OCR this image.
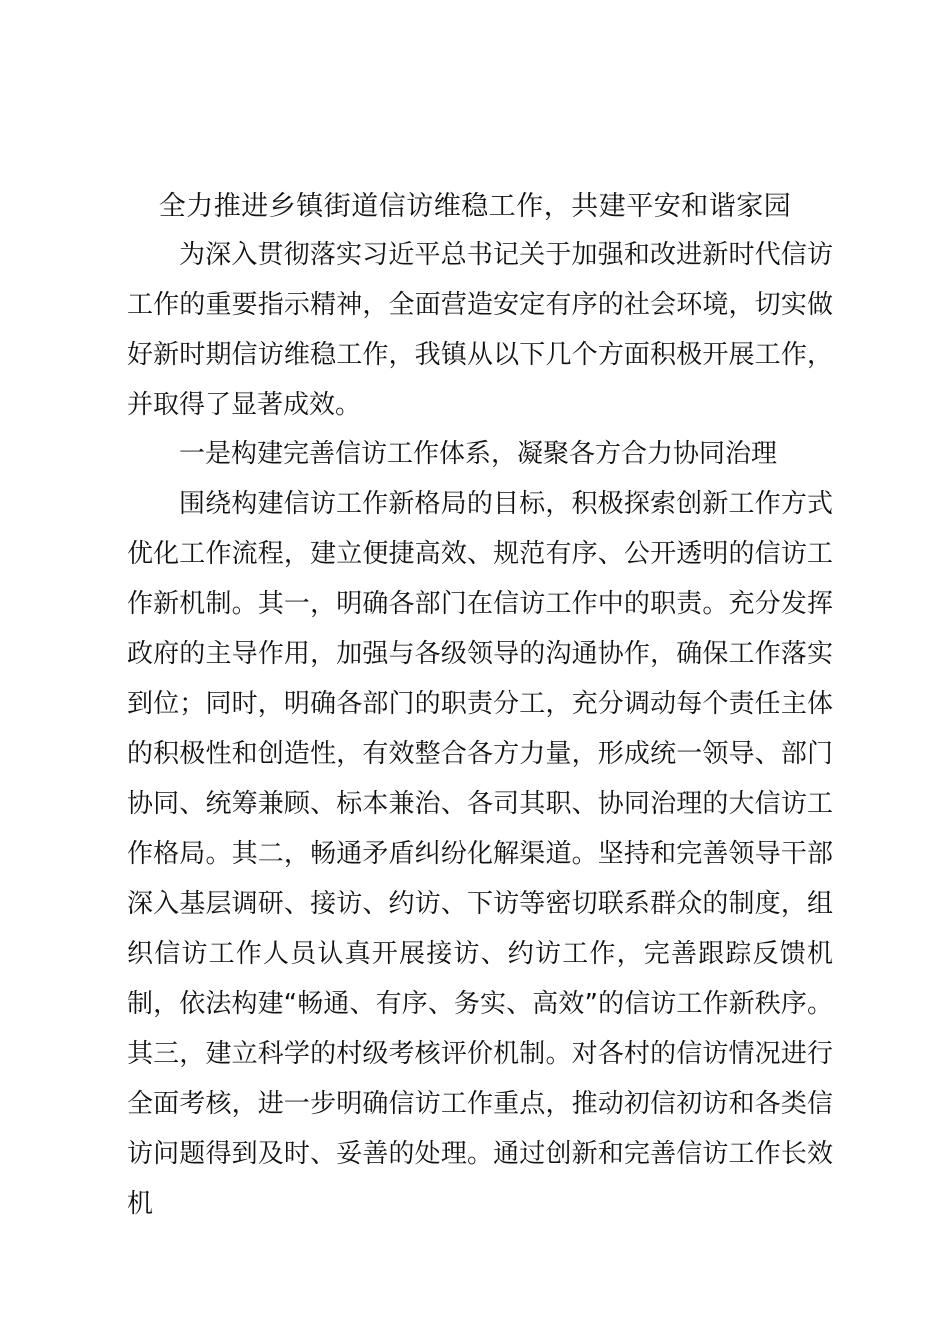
全力推进乡镇街道信访维稳工作，共建平安和谐家园

为深入贯彻落实习近平总书记关于加强和改进新时代信访工作的重要指示精神，全面营造安定有序的社会环境，切实做好新时期信访维稳工作，我镇从以下几个方面积极开展工作，并取得了显著成效。

一是构建完善信访工作体系，凝聚各方合力协同治理

围绕构建信访工作新格局的目标，积极探索创新工作方式优化工作流程，建立便捷高效、规范有序、公开透明的信访工作新机制。其一，明确各部门在信访工作中的职责。充分发挥政府的主导作用，加强与各级领导的沟通协作，确保工作落实到位；同时，明确各部门的职责分工，充分调动每个责任主体的积极性和创造性，有效整合各方力量，形成统一领导、部门协同、统筹兼顾、标本兼治、各司其职、协同治理的大信访工作格局。其二，畅通矛盾纠纷化解渠道。坚持和完善领导干部深入基层调研、接访、约访、下访等密切联系群众的制度，组织信访工作人员认真开展接访、约访工作，完善跟踪反馈机制，依法构建“畅通、有序、务实、高效”的信访工作新秩序。其三，建立科学的村级考核评价机制。对各村的信访情况进行全面考核，进一步明确信访工作重点，推动初信初访和各类信访问题得到及时、妥善的处理。通过创新和完善信访工作长效机
